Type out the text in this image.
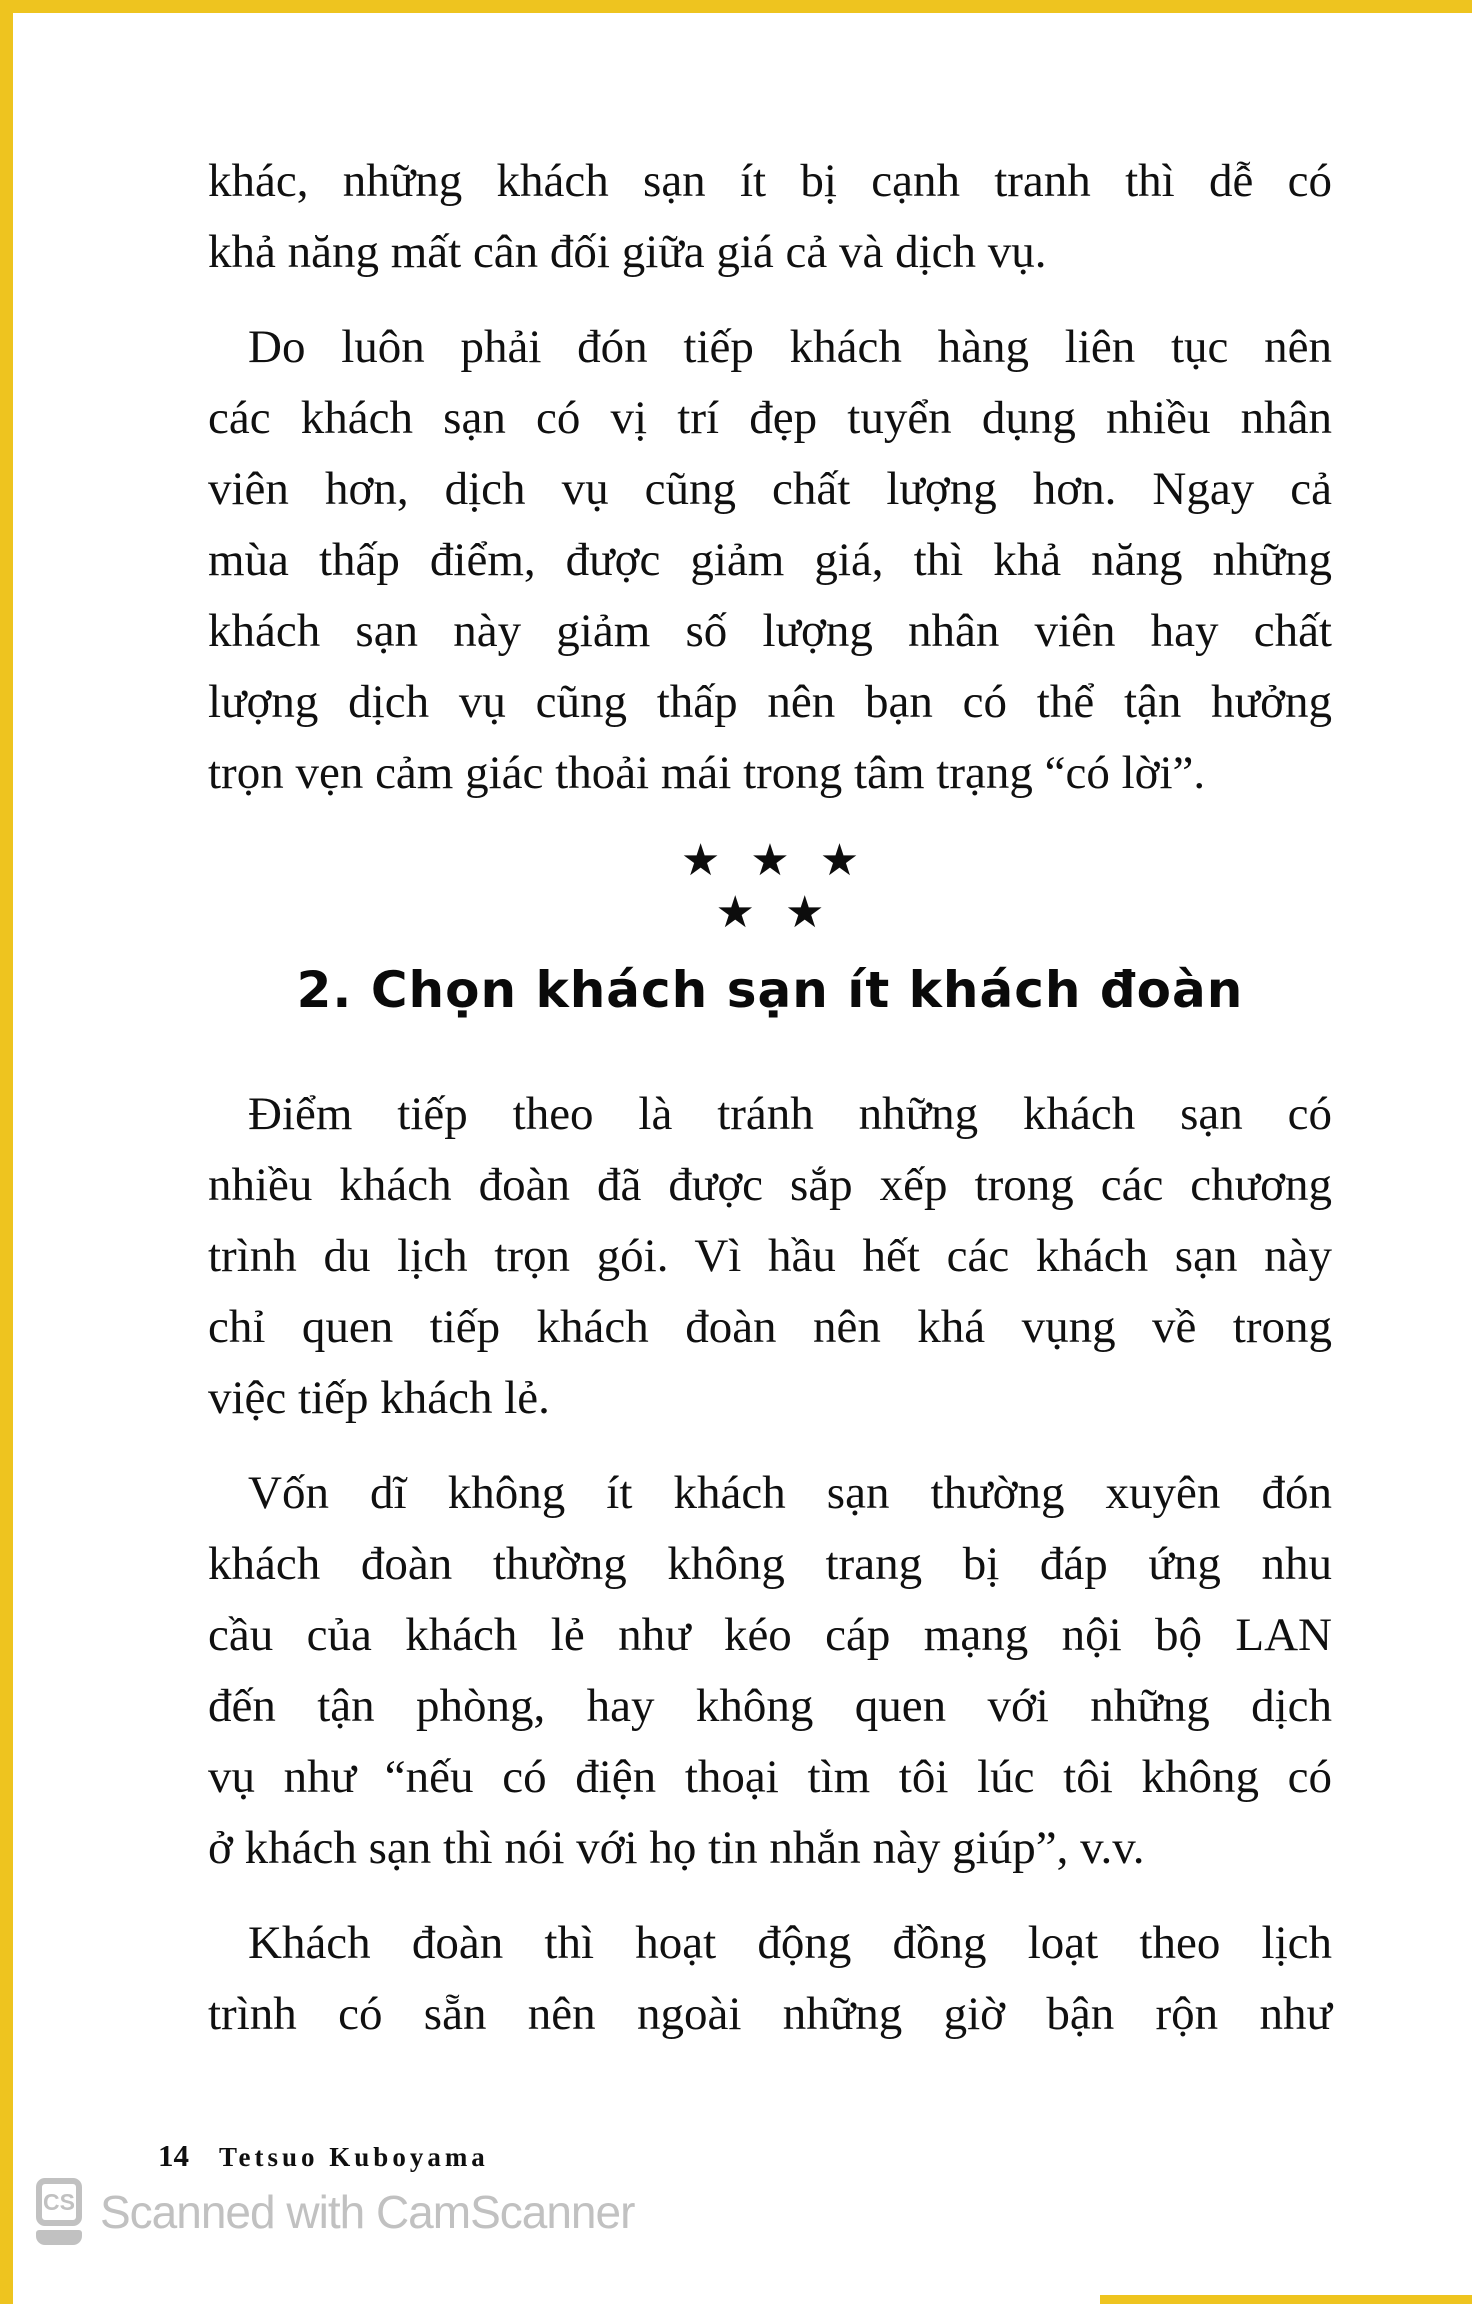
khác, những khách sạn ít bị cạnh tranh thì dễ có
khả năng mất cân đối giữa giá cả và dịch vụ.
Do luôn phải đón tiếp khách hàng liên tục nên
các khách sạn có vị trí đẹp tuyển dụng nhiều nhân
viên hơn, dịch vụ cũng chất lượng hơn. Ngay cả
mùa thấp điểm, được giảm giá, thì khả năng những
khách sạn này giảm số lượng nhân viên hay chất
lượng dịch vụ cũng thấp nên bạn có thể tận hưởng
trọn vẹn cảm giác thoải mái trong tâm trạng “có lời”.
★ ★ ★
★ ★
2. Chọn khách sạn ít khách đoàn
Điểm tiếp theo là tránh những khách sạn có
nhiều khách đoàn đã được sắp xếp trong các chương
trình du lịch trọn gói. Vì hầu hết các khách sạn này
chỉ quen tiếp khách đoàn nên khá vụng về trong
việc tiếp khách lẻ.
Vốn dĩ không ít khách sạn thường xuyên đón
khách đoàn thường không trang bị đáp ứng nhu
cầu của khách lẻ như kéo cáp mạng nội bộ LAN
đến tận phòng, hay không quen với những dịch
vụ như “nếu có điện thoại tìm tôi lúc tôi không có
ở khách sạn thì nói với họ tin nhắn này giúp”, v.v.
Khách đoàn thì hoạt động đồng loạt theo lịch
trình có sẵn nên ngoài những giờ bận rộn như
14 Tetsuo Kuboyama
CS Scanned with CamScanner
